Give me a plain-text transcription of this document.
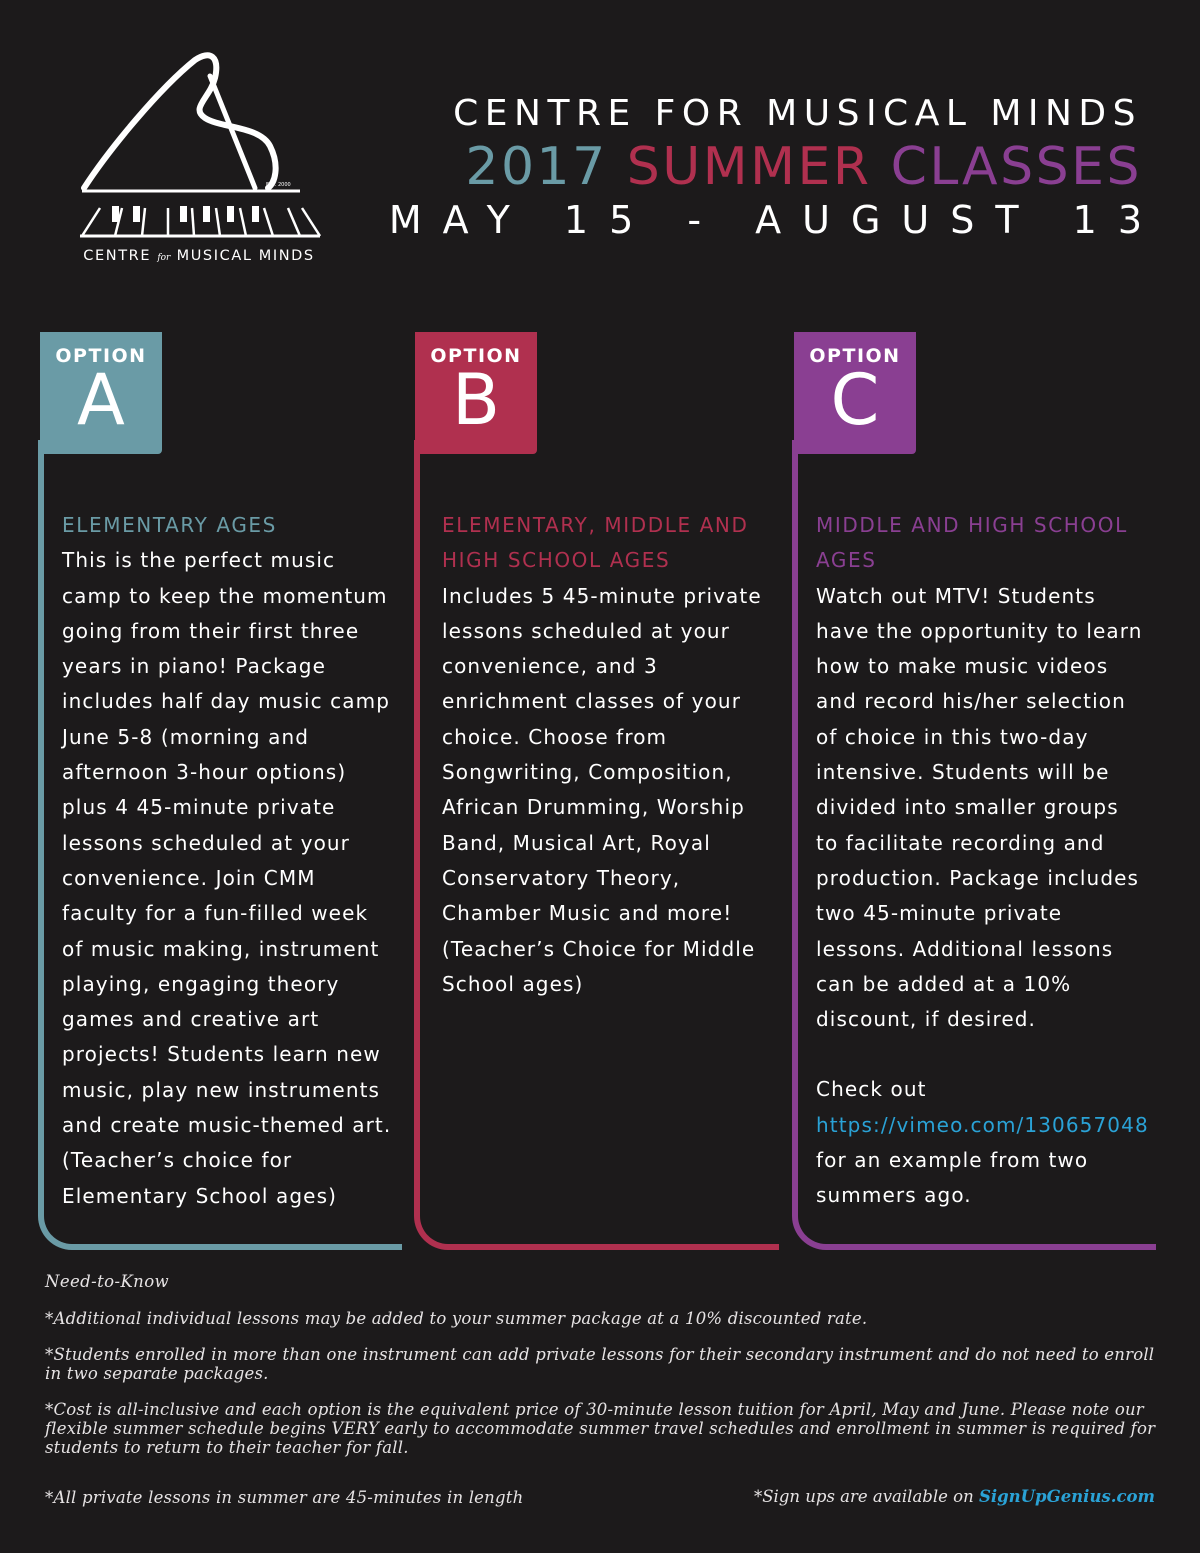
EST. 2000
CENTRE for MUSICAL MINDS
CENTRE FOR MUSICAL MINDS
2017 SUMMER CLASSES
MAY 15 - AUGUST 13
OPTION
A
ELEMENTARY AGES

This is the perfect music camp to keep the momentum going from their first three years in piano! Package includes half day music camp June 5-8 (morning and afternoon 3-hour options) plus 4 45-minute private lessons scheduled at your convenience. Join CMM faculty for a fun-filled week of music making, instrument playing, engaging theory games and creative art projects! Students learn new music, play new instruments and create music-themed art. (Teacher’s choice for Elementary School ages)

OPTION
B
ELEMENTARY, MIDDLE AND HIGH SCHOOL AGES

Includes 5 45-minute private lessons scheduled at your convenience, and 3 enrichment classes of your choice. Choose from Songwriting, Composition, African Drumming, Worship Band, Musical Art, Royal Conservatory Theory, Chamber Music and more! (Teacher’s Choice for Middle School ages)

OPTION
C
MIDDLE AND HIGH SCHOOL AGES

Watch out MTV! Students have the opportunity to learn how to make music videos and record his/her selection of choice in this two-day intensive. Students will be divided into smaller groups to facilitate recording and production. Package includes two 45-minute private lessons. Additional lessons can be added at a 10% discount, if desired.

Check out

https://vimeo.com/130657048

for an example from two summers ago.

Need-to-Know

*Additional individual lessons may be added to your summer package at a 10% discounted rate.

*Students enrolled in more than one instrument can add private lessons for their secondary instrument and do not need to enroll in two separate packages.

*Cost is all-inclusive and each option is the equivalent price of 30-minute lesson tuition for April, May and June. Please note our flexible summer schedule begins VERY early to accommodate summer travel schedules and enrollment in summer is required for students to return to their teacher for fall.

*All private lessons in summer are 45-minutes in length	*Sign ups are available on SignUpGenius.com
